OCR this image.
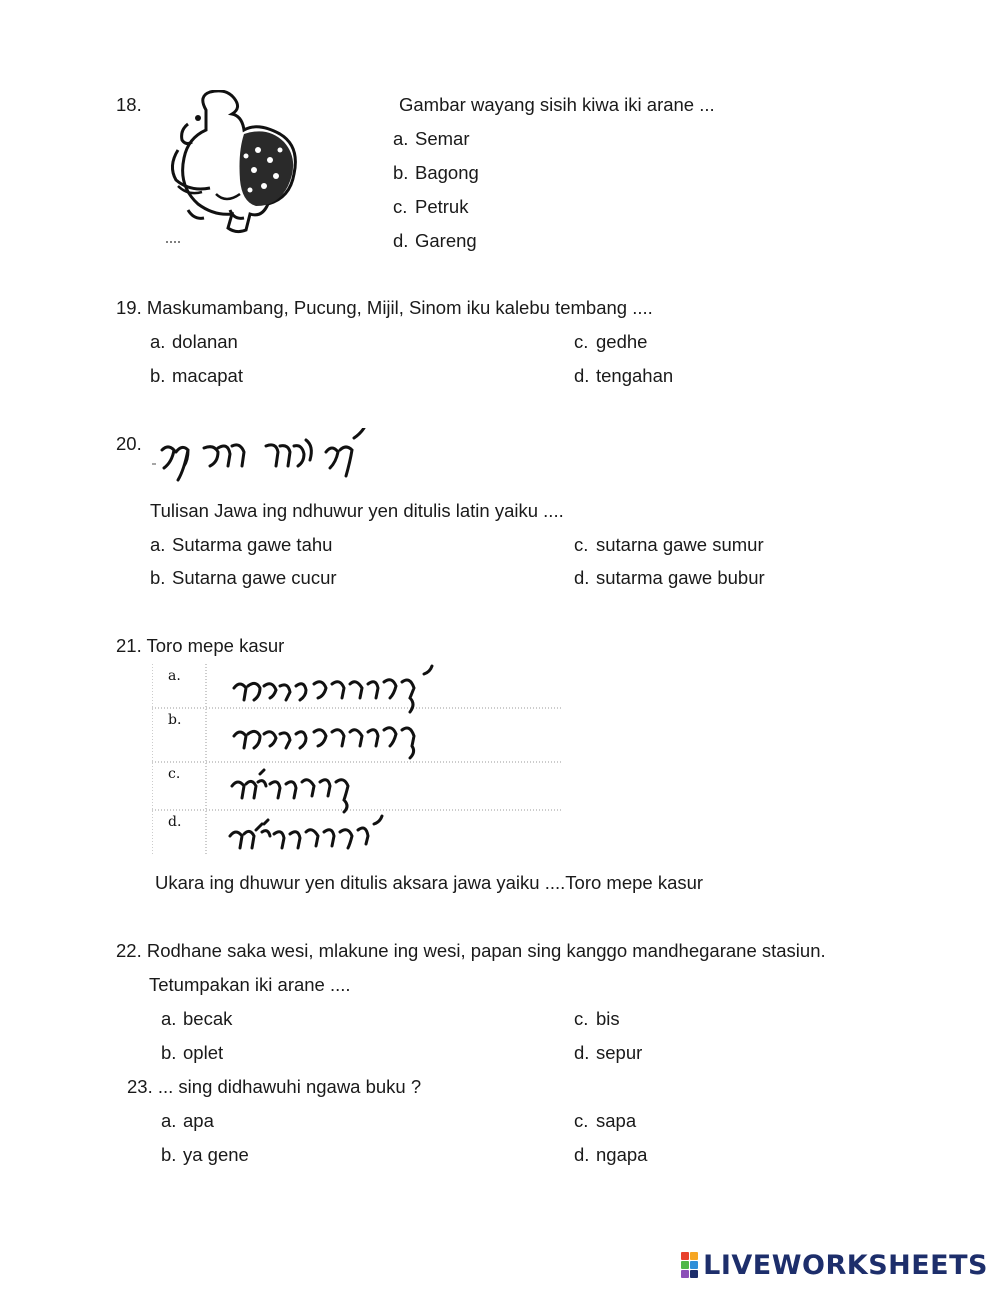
18.	Gambar wayang sisih kiwa iki arane ...
a. Semar
b. Bagong
c. Petruk
d. Gareng
19. Maskumambang, Pucung, Mijil, Sinom iku kalebu tembang ....
a. dolanan
b. macapat
c. gedhe
d. tengahan
20.
Tulisan Jawa ing ndhuwur yen ditulis latin yaiku ....
a. Sutarma gawe tahu
b. Sutarna gawe cucur
c. sutarna gawe sumur
d. sutarma gawe bubur
21. Toro mepe kasur
a.
b.
c.
d.
Ukara ing dhuwur yen ditulis aksara jawa yaiku ....Toro mepe kasur
22. Rodhane saka wesi, mlakune ing wesi, papan sing kanggo mandhegarane stasiun.
Tetumpakan iki arane ....
a. becak
b. oplet
c. bis
d. sepur
23. ... sing didhawuhi ngawa buku ?
a. apa
b. ya gene
c. sapa
d. ngapa
LIVEWORKSHEETS
